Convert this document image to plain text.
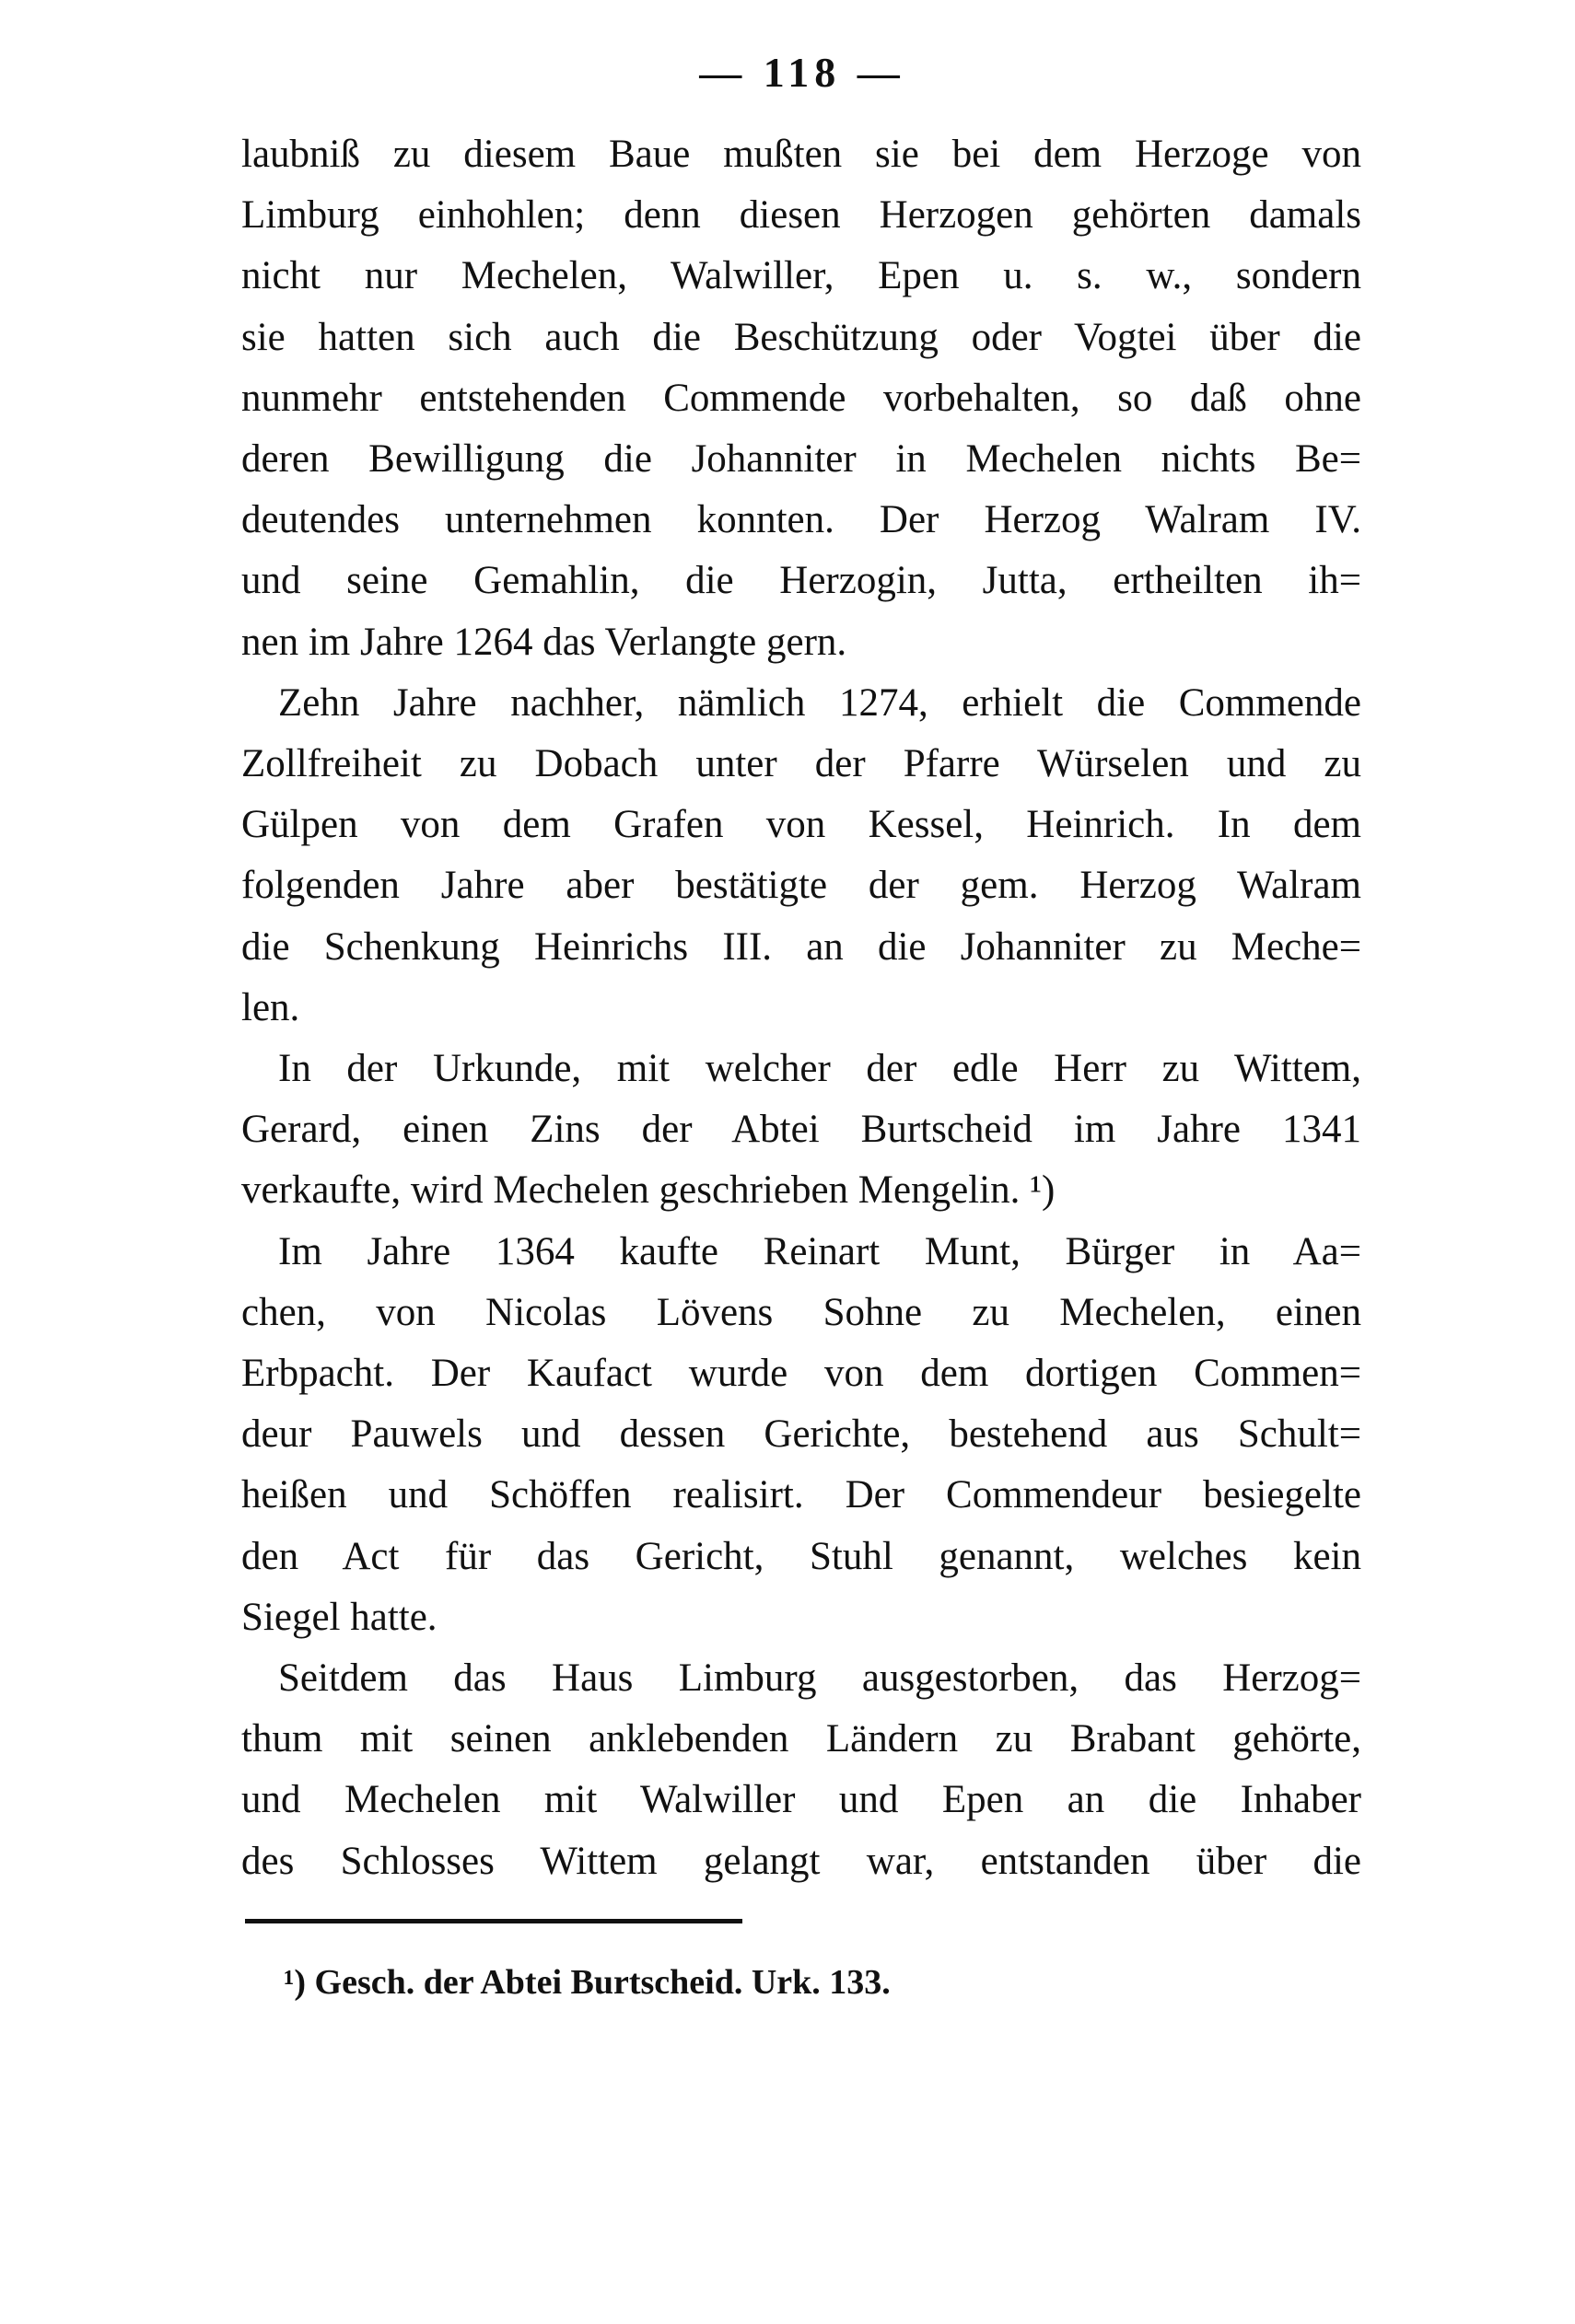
— 118 —
laubniß zu diesem Baue mußten sie bei dem Herzoge von
Limburg einhohlen; denn diesen Herzogen gehörten damals
nicht nur Mechelen, Walwiller, Epen u. s. w., sondern
sie hatten sich auch die Beschützung oder Vogtei über die
nunmehr entstehenden Commende vorbehalten, so daß ohne
deren Bewilligung die Johanniter in Mechelen nichts Be=
deutendes unternehmen konnten. Der Herzog Walram IV.
und seine Gemahlin, die Herzogin, Jutta, ertheilten ih=
nen im Jahre 1264 das Verlangte gern.
Zehn Jahre nachher, nämlich 1274, erhielt die Commende
Zollfreiheit zu Dobach unter der Pfarre Würselen und zu
Gülpen von dem Grafen von Kessel, Heinrich. In dem
folgenden Jahre aber bestätigte der gem. Herzog Walram
die Schenkung Heinrichs III. an die Johanniter zu Meche=
len.
In der Urkunde, mit welcher der edle Herr zu Wittem,
Gerard, einen Zins der Abtei Burtscheid im Jahre 1341
verkaufte, wird Mechelen geschrieben Mengelin. ¹)
Im Jahre 1364 kaufte Reinart Munt, Bürger in Aa=
chen, von Nicolas Lövens Sohne zu Mechelen, einen
Erbpacht. Der Kaufact wurde von dem dortigen Commen=
deur Pauwels und dessen Gerichte, bestehend aus Schult=
heißen und Schöffen realisirt. Der Commendeur besiegelte
den Act für das Gericht, Stuhl genannt, welches kein
Siegel hatte.
Seitdem das Haus Limburg ausgestorben, das Herzog=
thum mit seinen anklebenden Ländern zu Brabant gehörte,
und Mechelen mit Walwiller und Epen an die Inhaber
des Schlosses Wittem gelangt war, entstanden über die
¹) Gesch. der Abtei Burtscheid. Urk. 133.
